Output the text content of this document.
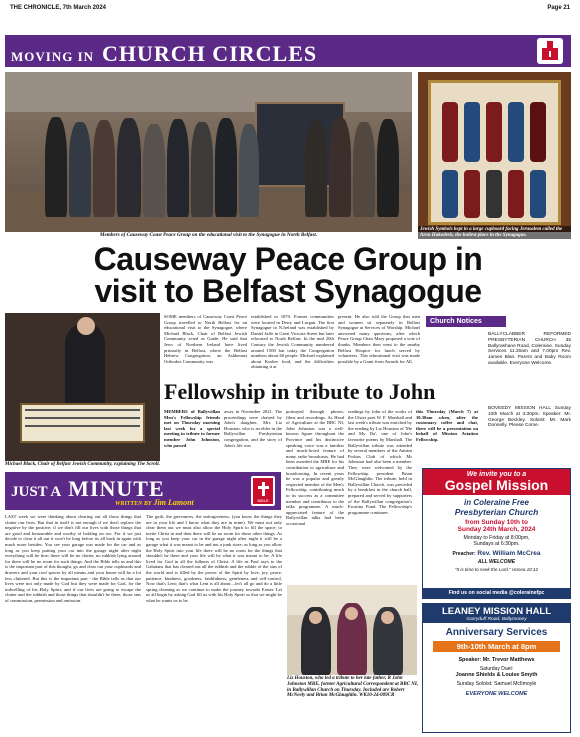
THE CHRONICLE, 7th March 2024	Page 21
MOVING IN CHURCH CIRCLES
Members of Causeway Coast Peace Group on the educational visit to the Synagogue in North Belfast.
Jewish Symbols kept in a large cupboard facing Jerusalem called the Aron Hakodesh, the holiest place in the Synagogue.
Causeway Peace Group in
visit to Belfast Synagogue
Michael Black, Chair of Belfast Jewish Community, explaining The Scroll.
SOME members of Causeway Coast Peace Group travelled to North Belfast for an educational visit to the Synagogue, where Michael Black, Chair of Belfast Jewish Community acted as Guide. He said that Jews of Northern Ireland have lived primarily in Belfast, where the Belfast Hebrew Congregation, an Ashkenazi Orthodox Community was
established in 1870. Former communities were located in Derry and Lurgan. The first Synagogue in N.Ireland was established by Daniel Jaffe in Great Victoria Street but later relocated to North Belfast. In the mid 20th Century the Jewish Community numbered around 1500 but today the Congregation numbers about 60 people. Michael explained about Kosher food, and the difficulties obtaining it at
present. He also told the Group that men and women sit separately in Belfast Synagogue at Services of Worship. Michael answered many questions, after which Peace Group Chair Mary proposed a vote of thanks. Members then went to the nearby Belfast Hospice for lunch served by volunteers. This educational visit was made possible by a Grant from Awards for All.
Church Notices
BALLYCLABBER REFORMED PRESBYTERIAN CHURCH 35 Ballyrashane Road, Coleraine. Sunday Services 11.30am and 7.00pm Rev. James Blair. Parent and Baby Room available. Everyone Welcome.
BOVEEDY MISSION HALL Sunday 10th March at 3.30pm. Speaker: Mr. George Beckley. Soloist: Mr. Mark Donnelly. Please Come.
Fellowship in tribute to John
MEMBERS of Ballywillan Men's Fellowship friends met on Thursday morning last week for a special meeting in tribute to former member John Johnston, who passed
away in November 2021. The proceedings were chaired by John's daughter, Mrs Liz Houston, who is an elder in the Ballywillan Presbyterian congregation, and the story of John's life was
portrayed through photos, films and recordings. As Head of Agriculture at the BBC NI, John Johnston was a well-known figure throughout the Province and his distinctive speaking voice was a familiar and much-loved feature of many radio broadcasts. He had been awarded the MBE for his contribution to agriculture and broadcasting. In recent years he was a popular and greatly respected member of the Men's Fellowship, contributing much to its success as a committee member and contributor to the talks programme. A much-appreciated feature of the Ballywillan talks had been occasional
readings by John of the works of the Ulster poet W. F. Marshall and last week's tribute was enriched by the reading by Liz Houston of 'Me and My Da', one of John's favourite poems by Marshall. The Ballywillan tribute was attended by several members of the Antrim Probus Club of which Mr Johnston had also been a member. They were welcomed by the Fellowship president Brian McGlaughlin. The tribute, held in Ballywillan Church, was preceded by a breakfast in the church hall, prepared and served by supporters of the Ballywillan congregation's Ewatina Fund. The Fellowship's programme continues
this Thursday (March 7) at 10.30am when, after the customary coffee and chat, there will be a presentation on behalf of Mission Aviation Fellowship.
JUST A MINUTE
WRITTEN BY Jim Lamont	BIBLE
LAST week we were thinking about clearing out all those things that clutter our lives. But that in itself is not enough if we don't replace the negative by the positive; if we don't fill our lives with those things that are good and honourable and worthy of holding on too. For if we just decide to clear it all out it won't be long before its all back in again with much more besides. You see your garage was made for the car and as long as you keep putting your car into the garage night after night everything will be fine; there will be no clutter, no rubbish lying around for there will be no room for such things. And the Bible tells us and this is the important part of this thought, go and clear out your cupboards and drawers and your roof spaces by all means and your house will be a lot less cluttered. But this is the important part - the Bible tells us that our lives were not only made by God but they were made for God, for the indwelling of his Holy Spirit; and if our lives are going to escape the clutter and the rubbish and those things that shouldn't be there, those sins of commission, permission and omission.
The guilt, the grievances, the unforgiveness, (you know the things they are in your life and I know what they are in mine). We must not only clear them out we must also allow the Holy Spirit to fill the space; to invite Christ in and then there will be no room for those other things. As long as you keep your car in the garage night after night it will be a garage what it was meant to be and not a junk store; as long as you allow the Holy Spirit into your life there will be no room for the things that shouldn't be there and your life will be what it was meant to be. A life lived for God in all the fullness of Christ. A life as Paul says to the Galatians that has cleared out all the rubbish and the rubble of the sins of the world and is filled by the power of the Spirit by love, joy, peace, patience, kindness, goodness, faithfulness, gentleness and self-control. Now that's Lent; that's what Lent is all about....let's all go and do a little spring cleaning as we continue to make the journey towards Easter. Let us all begin by asking God fill us with his Holy Spirit so that we might be what he wants us to be.
Liz Houston, who led a tribute to her late father, R John Johnston MBE, former Agricultural Correspondent at BBC NI, in Ballywillan Church on Thursday. Included are Robert McNeely and Brian McGlaughlin. WK10-24-009CR
We invite you to a
Gospel Mission
in Coleraine Free
Presbyterian Church
from Sunday 10th to
Sunday 24th March, 2024
Monday to Friday at 8:00pm,
Sundays at 6:30pm.
Preacher: Rev. William McCrea
ALL WELCOME
"It is time to seek the Lord." Hosea 10:12
Find us on social media @colerainefpc
LEANEY MISSION HALL
Garryduff Road, Ballymoney
Anniversary Services
9th-10th March at 8pm
Speaker: Mr. Trevor Matthews
Saturday Duet:
Joanne Shields & Louise Smyth
Sunday Soloist: Samuel McIlmoyle
EVERYONE WELCOME
